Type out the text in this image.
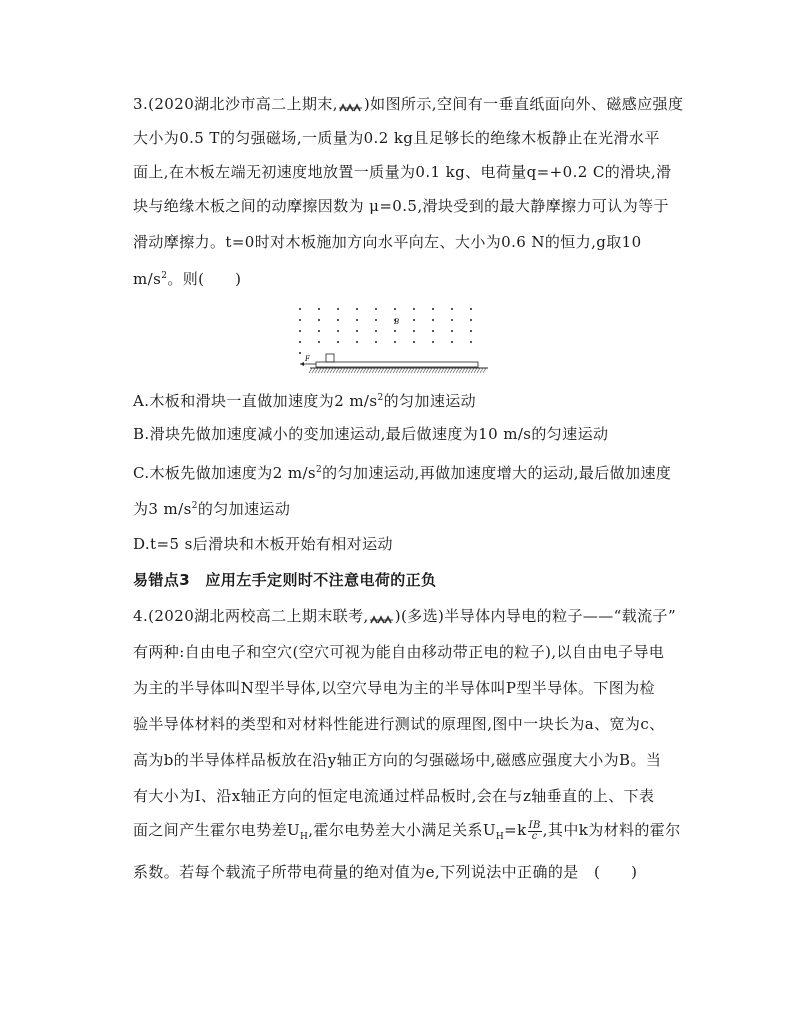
3.(2020湖北沙市高二上期末, )如图所示,空间有一垂直纸面向外、磁感应强度
大小为0.5 T的匀强磁场,一质量为0.2 kg且足够长的绝缘木板静止在光滑水平
面上,在木板左端无初速度地放置一质量为0.1 kg、电荷量q=+0.2 C的滑块,滑
块与绝缘木板之间的动摩擦因数为 μ=0.5,滑块受到的最大静摩擦力可认为等于
滑动摩擦力。t=0时对木板施加方向水平向左、大小为0.6 N的恒力,g取10
$m/s^2$。则(　　)
B
F
A.木板和滑块一直做加速度为2 $m/s^2$的匀加速运动
B.滑块先做加速度减小的变加速运动,最后做速度为10 m/s的匀速运动
C.木板先做加速度为2 $m/s^2$的匀加速运动,再做加速度增大的运动,最后做加速度
为3 $m/s^2$的匀加速运动
D.t=5 s后滑块和木板开始有相对运动
易错点3　应用左手定则时不注意电荷的正负
4.(2020湖北两校高二上期末联考, )(多选)半导体内导电的粒子——“载流子”
有两种:自由电子和空穴(空穴可视为能自由移动带正电的粒子),以自由电子导电
为主的半导体叫N型半导体,以空穴导电为主的半导体叫P型半导体。下图为检
验半导体材料的类型和对材料性能进行测试的原理图,图中一块长为a、宽为c、
高为b的半导体样品板放在沿y轴正方向的匀强磁场中,磁感应强度大小为B。当
有大小为I、沿x轴正方向的恒定电流通过样品板时,会在与z轴垂直的上、下表
面之间产生霍尔电势差$U_H$,霍尔电势差大小满足关系$U_H=k \frac{IB}{c}$ ,其中k为材料的霍尔
系数。若每个载流子所带电荷量的绝对值为e,下列说法中正确的是　(　　)
